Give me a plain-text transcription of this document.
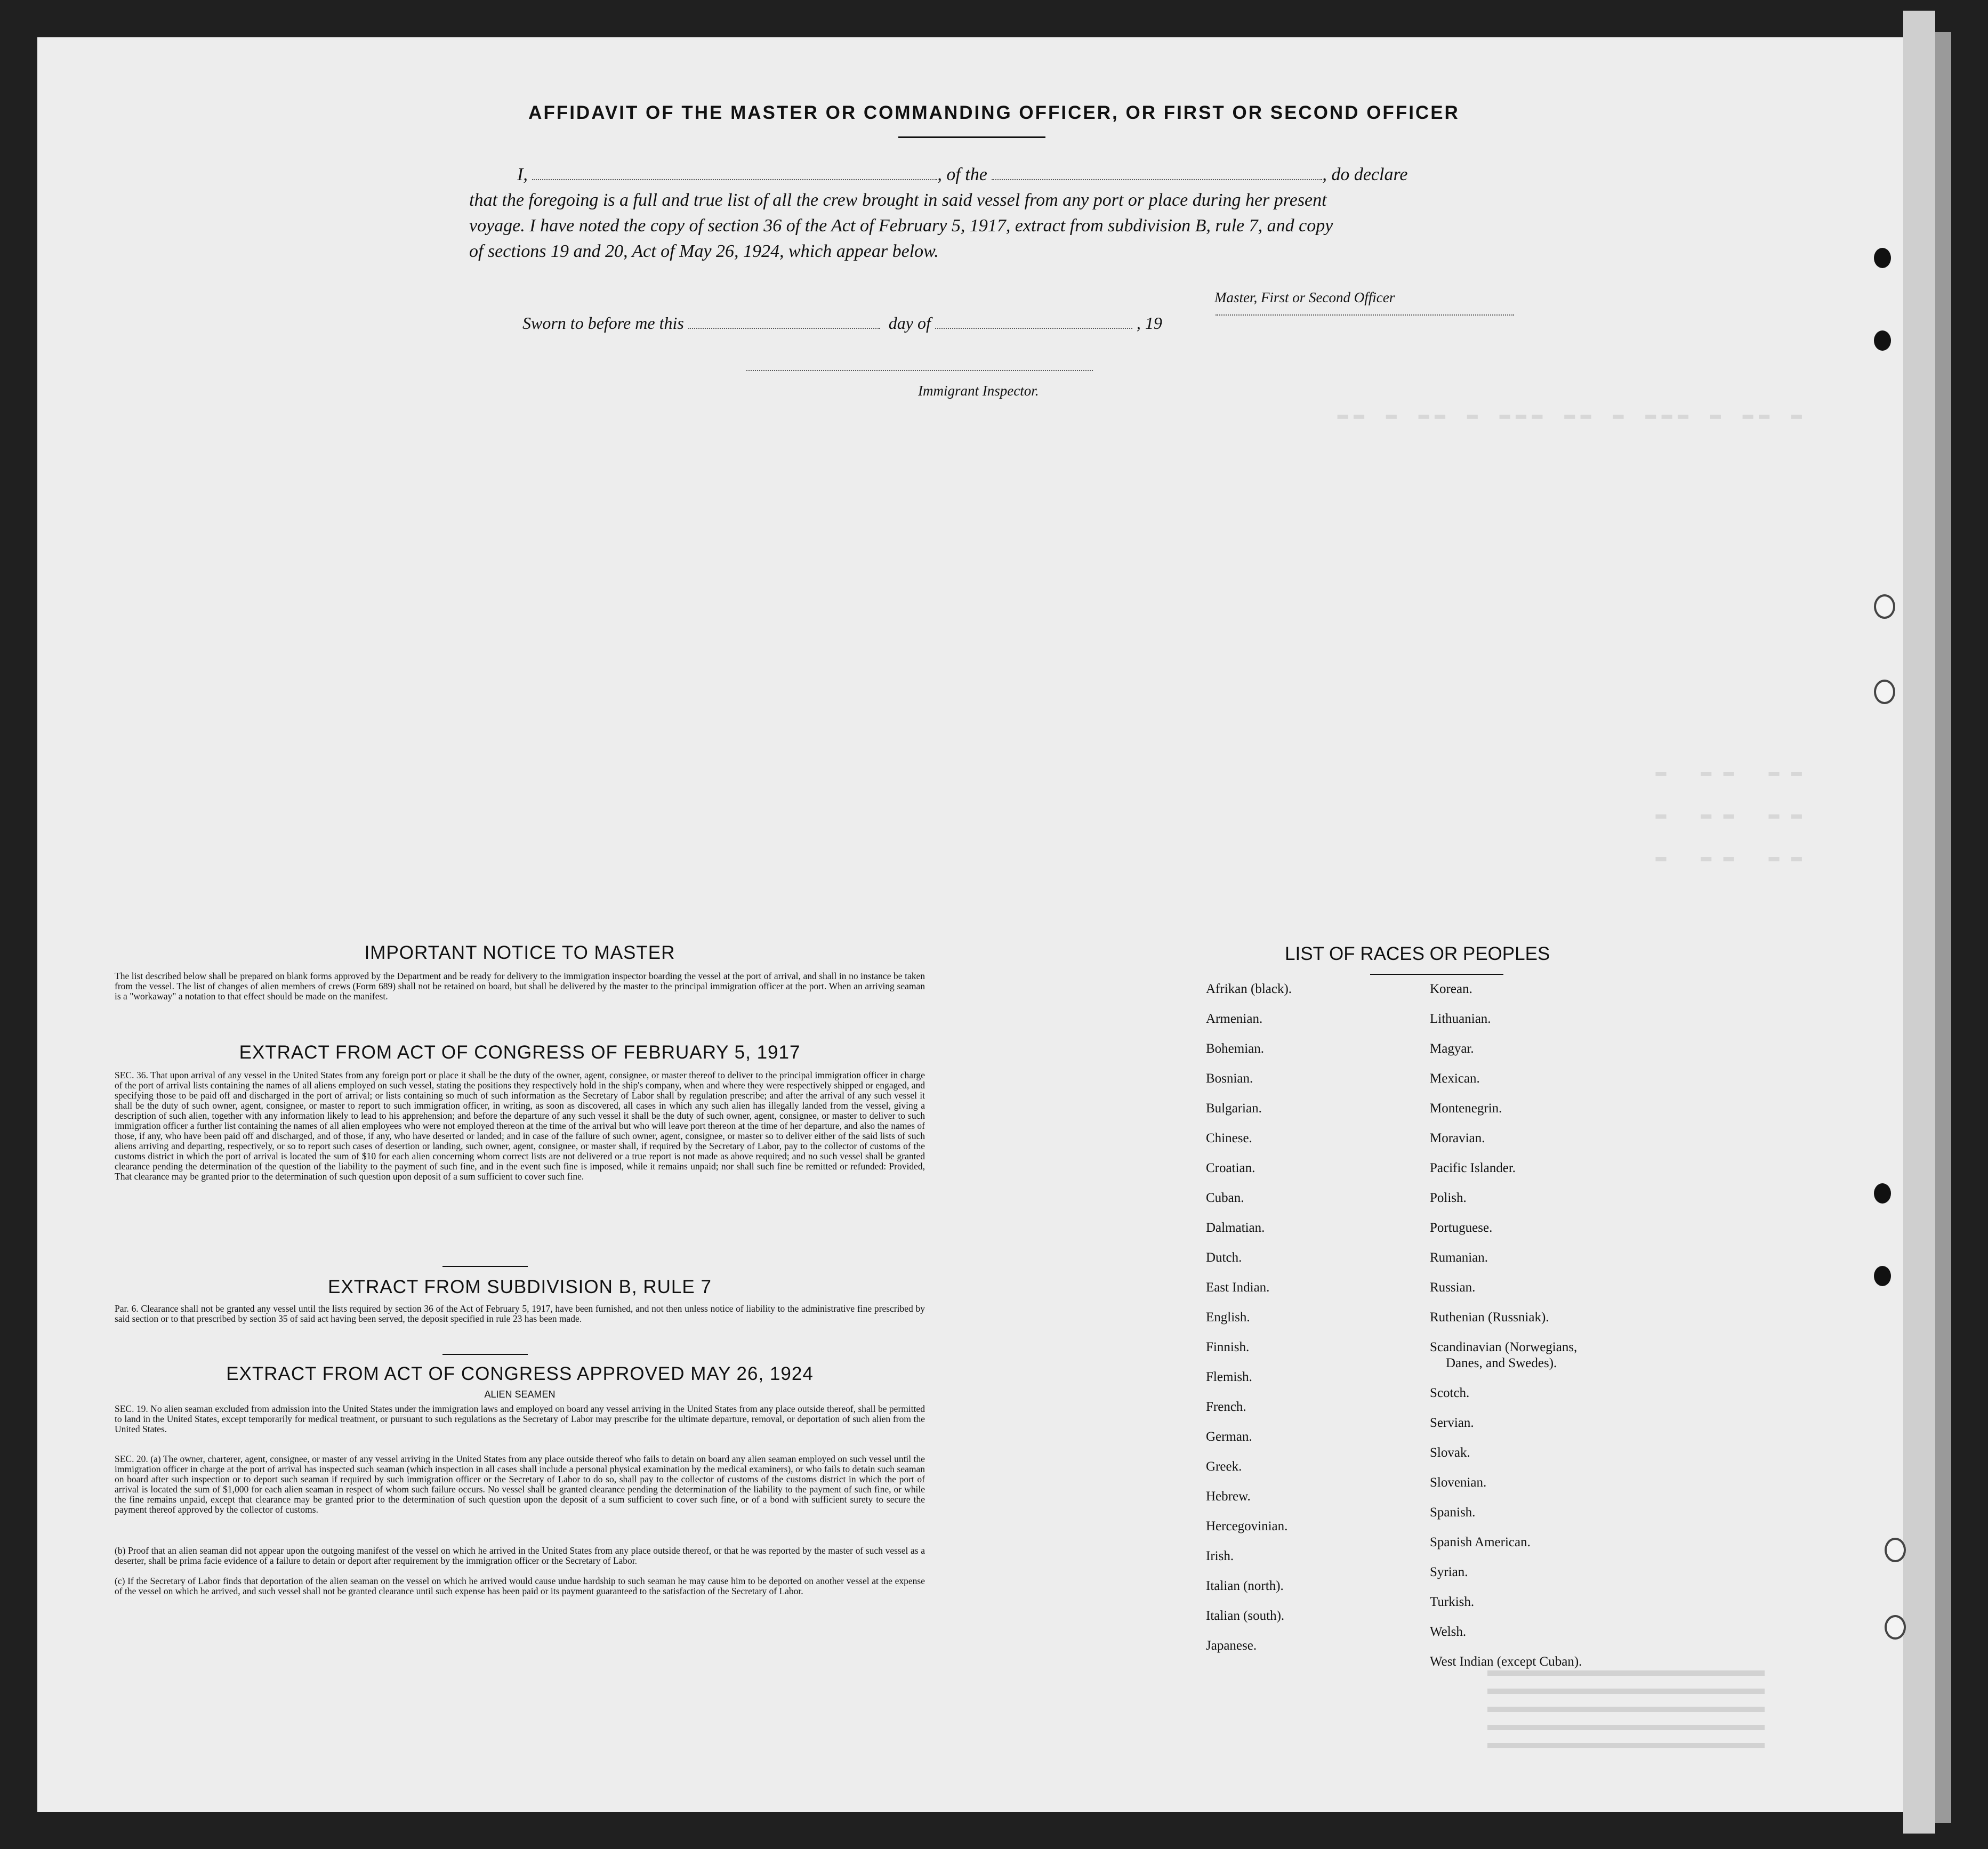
▬ ▬▬ ▬ ▬▬▬ ▬ ▬▬ ▬▬▬ ▬ ▬▬ ▬ ▬▬
▬▬ ▬▬ ▬
▬▬ ▬▬ ▬
▬▬ ▬▬ ▬
AFFIDAVIT OF THE MASTER OR COMMANDING OFFICER, OR FIRST OR SECOND OFFICER
I,	, of the	, do declare
that the foregoing is a full and true list of all the crew brought in said vessel from any port or place during her present
voyage. I have noted the copy of section 36 of the Act of February 5, 1917, extract from subdivision B, rule 7, and copy
of sections 19 and 20, Act of May 26, 1924, which appear below.
Master, First or Second Officer
Sworn to before me this	day of	, 19
Immigrant Inspector.
IMPORTANT NOTICE TO MASTER
The list described below shall be prepared on blank forms approved by the Department and be ready for delivery to the immigration inspector boarding the vessel at the port of arrival, and shall in no instance be taken from the vessel. The list of changes of alien members of crews (Form 689) shall not be retained on board, but shall be delivered by the master to the principal immigration officer at the port. When an arriving seaman is a "workaway" a notation to that effect should be made on the manifest.
EXTRACT FROM ACT OF CONGRESS OF FEBRUARY 5, 1917
SEC. 36. That upon arrival of any vessel in the United States from any foreign port or place it shall be the duty of the owner, agent, consignee, or master thereof to deliver to the principal immigration officer in charge of the port of arrival lists containing the names of all aliens employed on such vessel, stating the positions they respectively hold in the ship's company, when and where they were respectively shipped or engaged, and specifying those to be paid off and discharged in the port of arrival; or lists containing so much of such information as the Secretary of Labor shall by regulation prescribe; and after the arrival of any such vessel it shall be the duty of such owner, agent, consignee, or master to report to such immigration officer, in writing, as soon as discovered, all cases in which any such alien has illegally landed from the vessel, giving a description of such alien, together with any information likely to lead to his apprehension; and before the departure of any such vessel it shall be the duty of such owner, agent, consignee, or master to deliver to such immigration officer a further list containing the names of all alien employees who were not employed thereon at the time of the arrival but who will leave port thereon at the time of her departure, and also the names of those, if any, who have been paid off and discharged, and of those, if any, who have deserted or landed; and in case of the failure of such owner, agent, consignee, or master so to deliver either of the said lists of such aliens arriving and departing, respectively, or so to report such cases of desertion or landing, such owner, agent, consignee, or master shall, if required by the Secretary of Labor, pay to the collector of customs of the customs district in which the port of arrival is located the sum of $10 for each alien concerning whom correct lists are not delivered or a true report is not made as above required; and no such vessel shall be granted clearance pending the determination of the question of the liability to the payment of such fine, and in the event such fine is imposed, while it remains unpaid; nor shall such fine be remitted or refunded: Provided, That clearance may be granted prior to the determination of such question upon deposit of a sum sufficient to cover such fine.
EXTRACT FROM SUBDIVISION B, RULE 7
Par. 6. Clearance shall not be granted any vessel until the lists required by section 36 of the Act of February 5, 1917, have been furnished, and not then unless notice of liability to the administrative fine prescribed by said section or to that prescribed by section 35 of said act having been served, the deposit specified in rule 23 has been made.
EXTRACT FROM ACT OF CONGRESS APPROVED MAY 26, 1924
ALIEN SEAMEN
SEC. 19. No alien seaman excluded from admission into the United States under the immigration laws and employed on board any vessel arriving in the United States from any place outside thereof, shall be permitted to land in the United States, except temporarily for medical treatment, or pursuant to such regulations as the Secretary of Labor may prescribe for the ultimate departure, removal, or deportation of such alien from the United States.
SEC. 20. (a) The owner, charterer, agent, consignee, or master of any vessel arriving in the United States from any place outside thereof who fails to detain on board any alien seaman employed on such vessel until the immigration officer in charge at the port of arrival has inspected such seaman (which inspection in all cases shall include a personal physical examination by the medical examiners), or who fails to detain such seaman on board after such inspection or to deport such seaman if required by such immigration officer or the Secretary of Labor to do so, shall pay to the collector of customs of the customs district in which the port of arrival is located the sum of $1,000 for each alien seaman in respect of whom such failure occurs. No vessel shall be granted clearance pending the determination of the liability to the payment of such fine, or while the fine remains unpaid, except that clearance may be granted prior to the determination of such question upon the deposit of a sum sufficient to cover such fine, or of a bond with sufficient surety to secure the payment thereof approved by the collector of customs.
(b) Proof that an alien seaman did not appear upon the outgoing manifest of the vessel on which he arrived in the United States from any place outside thereof, or that he was reported by the master of such vessel as a deserter, shall be prima facie evidence of a failure to detain or deport after requirement by the immigration officer or the Secretary of Labor.
(c) If the Secretary of Labor finds that deportation of the alien seaman on the vessel on which he arrived would cause undue hardship to such seaman he may cause him to be deported on another vessel at the expense of the vessel on which he arrived, and such vessel shall not be granted clearance until such expense has been paid or its payment guaranteed to the satisfaction of the Secretary of Labor.
LIST OF RACES OR PEOPLES
Afrikan (black).
Armenian.
Bohemian.
Bosnian.
Bulgarian.
Chinese.
Croatian.
Cuban.
Dalmatian.
Dutch.
East Indian.
English.
Finnish.
Flemish.
French.
German.
Greek.
Hebrew.
Hercegovinian.
Irish.
Italian (north).
Italian (south).
Japanese.
Korean.
Lithuanian.
Magyar.
Mexican.
Montenegrin.
Moravian.
Pacific Islander.
Polish.
Portuguese.
Rumanian.
Russian.
Ruthenian (Russniak).
Scandinavian (Norwegians,
Danes, and Swedes).
Scotch.
Servian.
Slovak.
Slovenian.
Spanish.
Spanish American.
Syrian.
Turkish.
Welsh.
West Indian (except Cuban).
